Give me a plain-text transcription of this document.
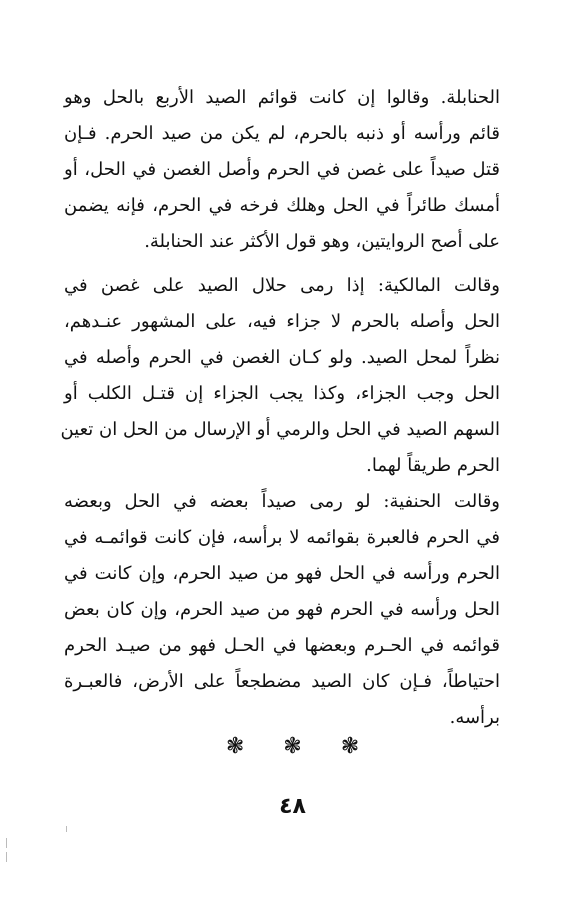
الحنابلة. وقالوا إن كانت قوائم الصيد الأربع بالحل وهو
قائم ورأسه أو ذنبه بالحرم، لم يكن من صيد الحرم. فـإن
قتل صيداً على غصن في الحرم وأصل الغصن في الحل، أو
أمسك طائراً في الحل وهلك فرخه في الحرم، فإنه يضمن
على أصح الروايتين، وهو قول الأكثر عند الحنابلة.
وقالت المالكية: إذا رمى حلال الصيد على غصن في
الحل وأصله بالحرم لا جزاء فيه، على المشهور عنـدهم،
نظراً لمحل الصيد. ولو كـان الغصن في الحرم وأصله في
الحل وجب الجزاء، وكذا يجب الجزاء إن قتـل الكلب أو
السهم الصيد في الحل والرمي أو الإرسال من الحل ان تعين
الحرم طريقاً لهما.
وقالت الحنفية: لو رمى صيداً بعضه في الحل وبعضه
في الحرم فالعبرة بقوائمه لا برأسه، فإن كانت قوائمـه في
الحرم ورأسه في الحل فهو من صيد الحرم، وإن كانت في
الحل ورأسه في الحرم فهو من صيد الحرم، وإن كان بعض
قوائمه في الحـرم وبعضها في الحـل فهو من صيـد الحرم
احتياطاً، فـإن كان الصيد مضطجعاً على الأرض، فالعبـرة
برأسه.
❃ ❃ ❃
٤٨
